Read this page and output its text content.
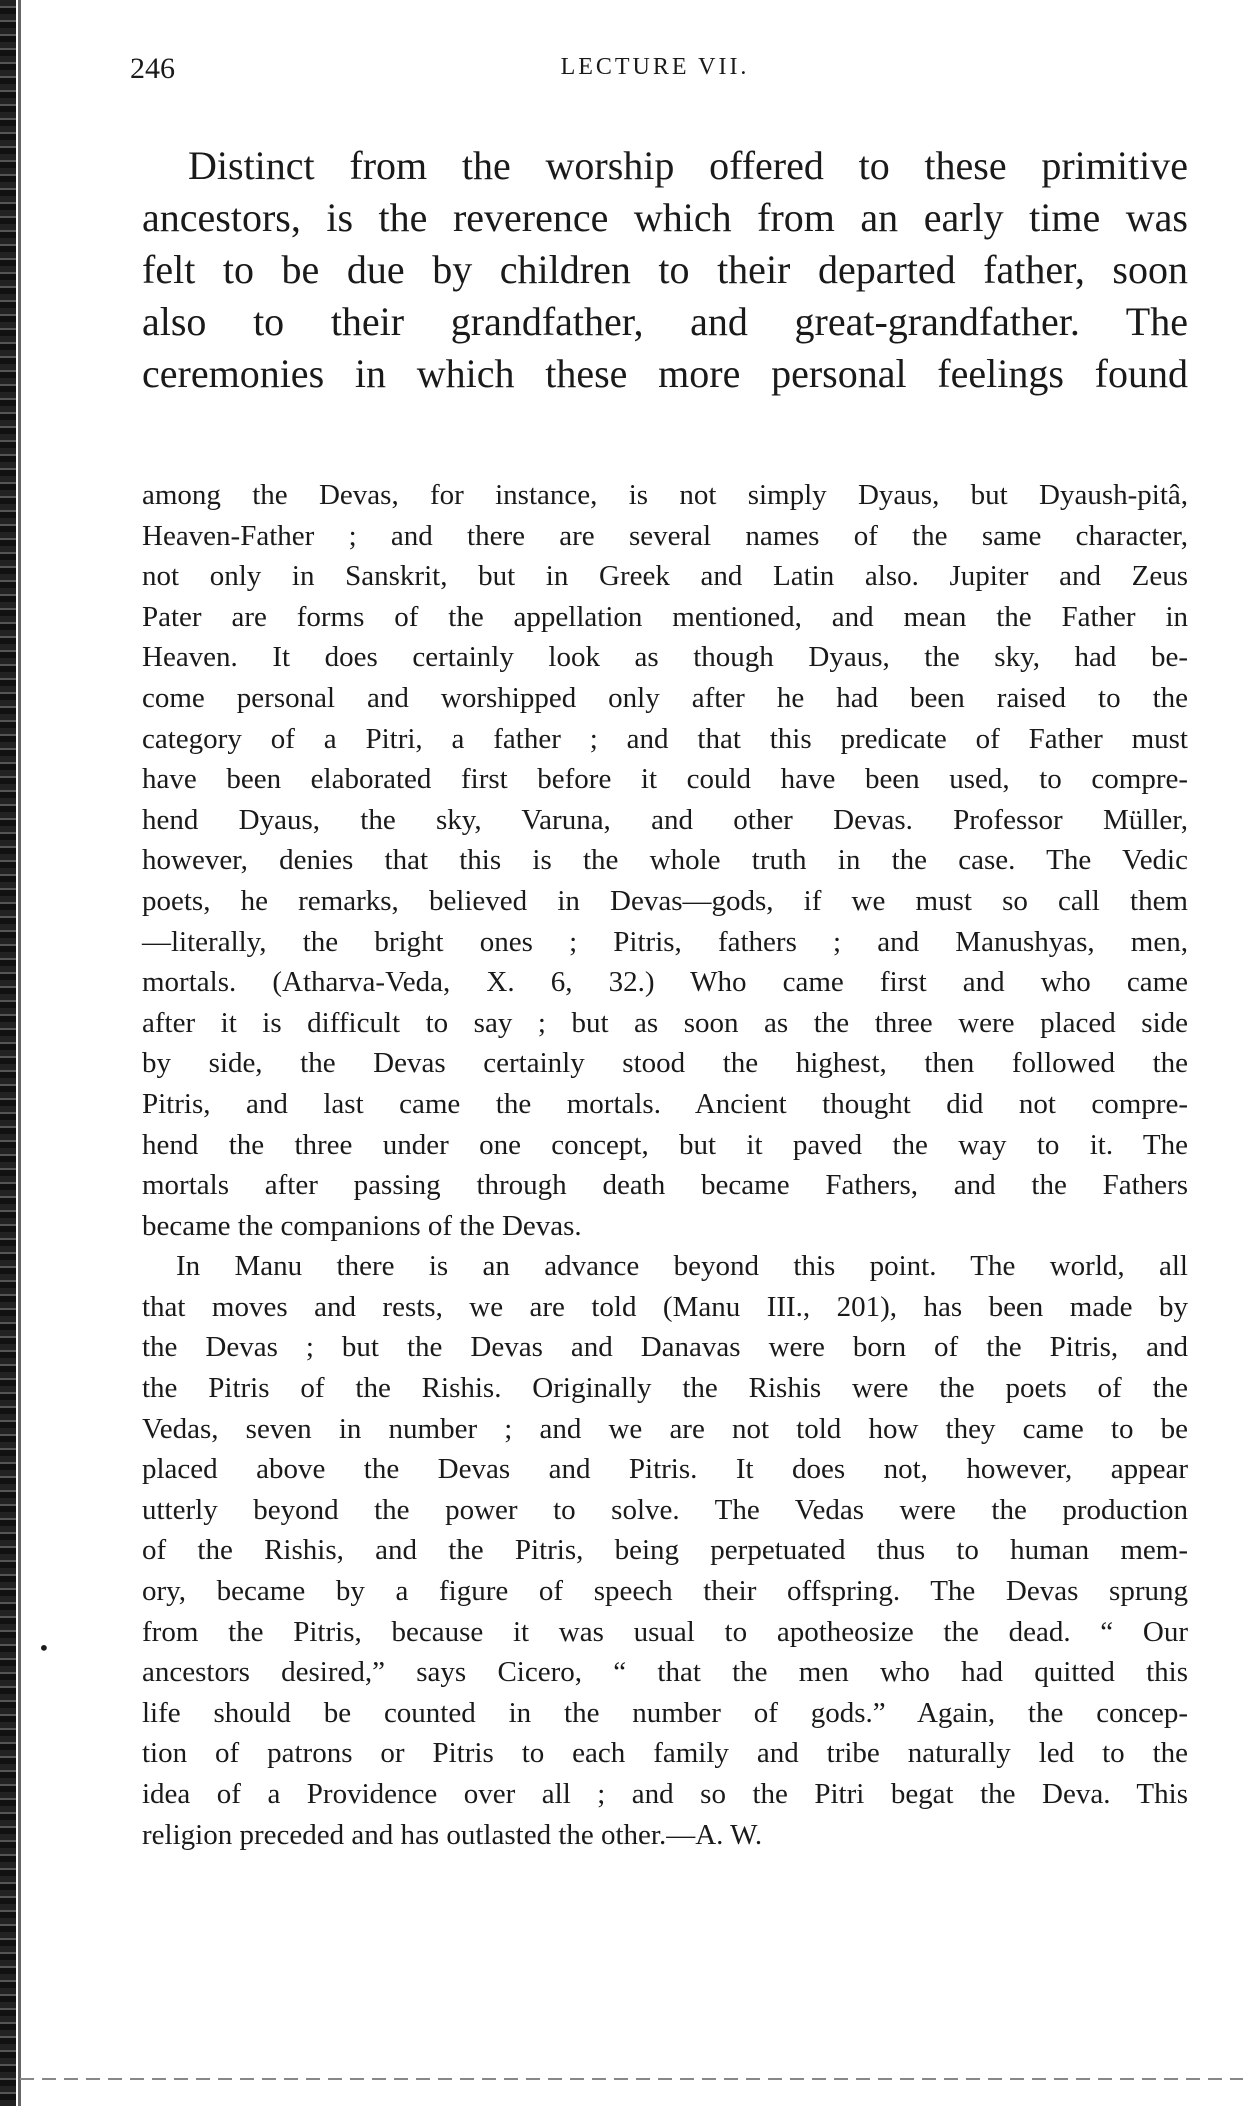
246	LECTURE VII.
Distinct from the worship offered to these primitive
ancestors, is the reverence which from an early time was
felt to be due by children to their departed father, soon
also to their grandfather, and great-grandfather. The
ceremonies in which these more personal feelings found
among the Devas, for instance, is not simply Dyaus, but Dyaush-pitâ,
Heaven-Father ; and there are several names of the same character,
not only in Sanskrit, but in Greek and Latin also. Jupiter and Zeus
Pater are forms of the appellation mentioned, and mean the Father in
Heaven. It does certainly look as though Dyaus, the sky, had be-
come personal and worshipped only after he had been raised to the
category of a Pitri, a father ; and that this predicate of Father must
have been elaborated first before it could have been used, to compre-
hend Dyaus, the sky, Varuna, and other Devas. Professor Müller,
however, denies that this is the whole truth in the case. The Vedic
poets, he remarks, believed in Devas—gods, if we must so call them
—literally, the bright ones ; Pitris, fathers ; and Manushyas, men,
mortals. (Atharva-Veda, X. 6, 32.) Who came first and who came
after it is difficult to say ; but as soon as the three were placed side
by side, the Devas certainly stood the highest, then followed the
Pitris, and last came the mortals. Ancient thought did not compre-
hend the three under one concept, but it paved the way to it. The
mortals after passing through death became Fathers, and the Fathers
became the companions of the Devas.
In Manu there is an advance beyond this point. The world, all
that moves and rests, we are told (Manu III., 201), has been made by
the Devas ; but the Devas and Danavas were born of the Pitris, and
the Pitris of the Rishis. Originally the Rishis were the poets of the
Vedas, seven in number ; and we are not told how they came to be
placed above the Devas and Pitris. It does not, however, appear
utterly beyond the power to solve. The Vedas were the production
of the Rishis, and the Pitris, being perpetuated thus to human mem-
ory, became by a figure of speech their offspring. The Devas sprung
from the Pitris, because it was usual to apotheosize the dead. “ Our
ancestors desired,” says Cicero, “ that the men who had quitted this
life should be counted in the number of gods.” Again, the concep-
tion of patrons or Pitris to each family and tribe naturally led to the
idea of a Providence over all ; and so the Pitri begat the Deva. This
religion preceded and has outlasted the other.—A. W.
•
